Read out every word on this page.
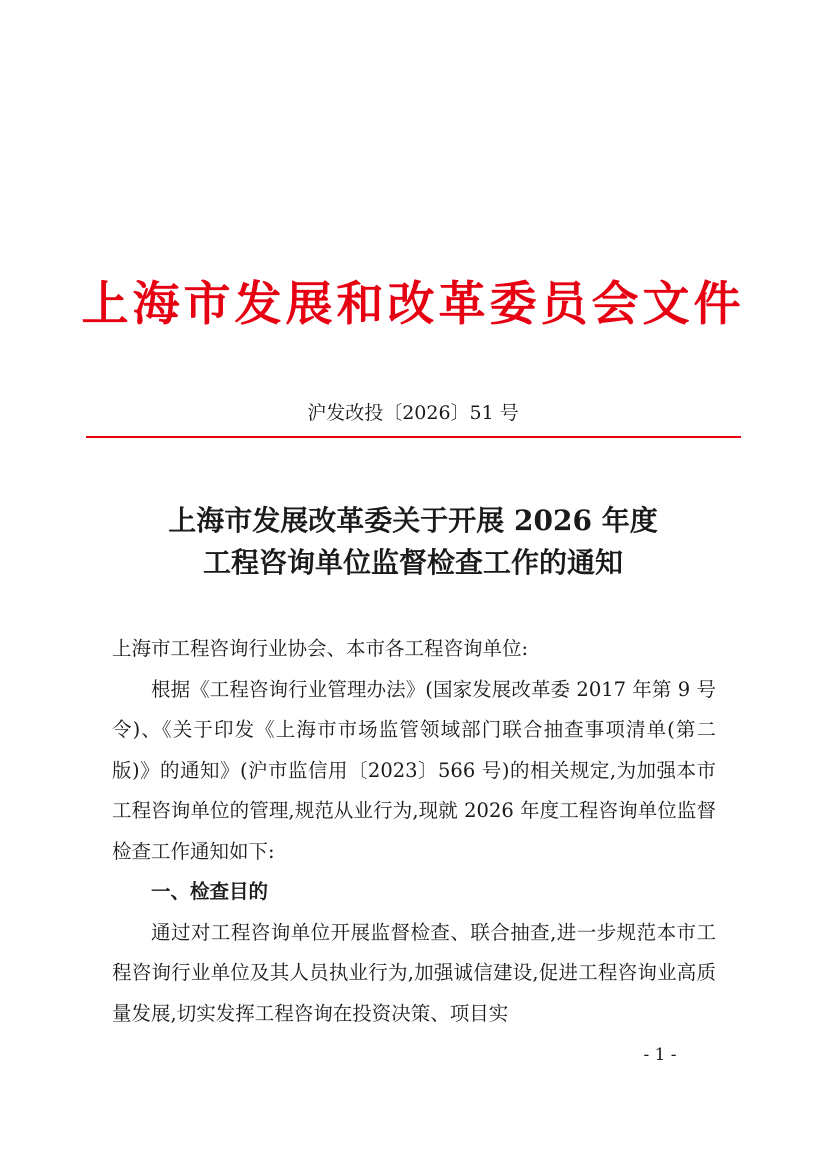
上海市发展和改革委员会文件
沪发改投〔2026〕51 号
上海市发展改革委关于开展 2026 年度
工程咨询单位监督检查工作的通知

上海市工程咨询行业协会、本市各工程咨询单位:

根据《工程咨询行业管理办法》(国家发展改革委 2017 年第 9 号令)、《关于印发《上海市市场监管领域部门联合抽查事项清单(第二版)》的通知》(沪市监信用〔2023〕566 号)的相关规定,为加强本市工程咨询单位的管理,规范从业行为,现就 2026 年度工程咨询单位监督检查工作通知如下:

一、检查目的

通过对工程咨询单位开展监督检查、联合抽查,进一步规范本市工程咨询行业单位及其人员执业行为,加强诚信建设,促进工程咨询业高质量发展,切实发挥工程咨询在投资决策、项目实

- 1 -
